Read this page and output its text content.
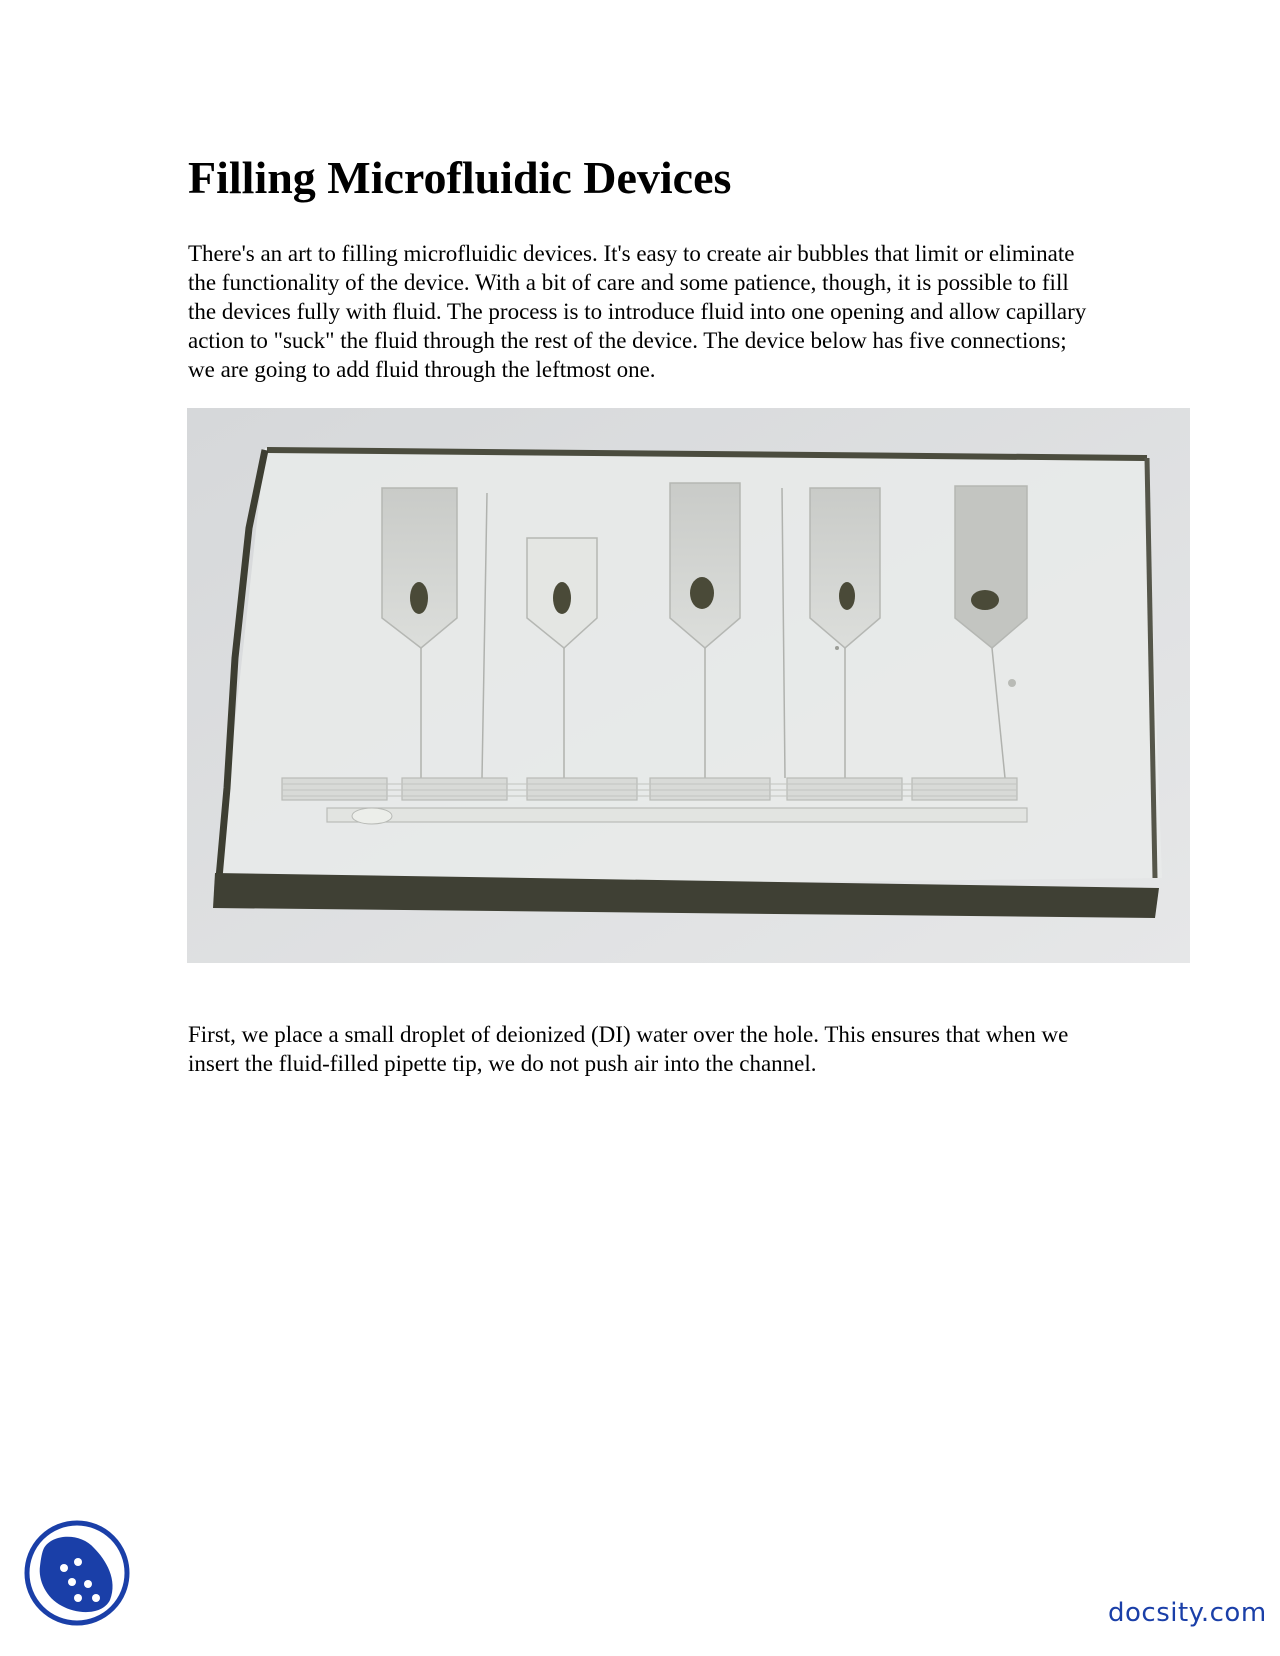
Filling Microfluidic Devices

There's an art to filling microfluidic devices. It's easy to create air bubbles that limit or eliminate the functionality of the device. With a bit of care and some patience, though, it is possible to fill the devices fully with fluid. The process is to introduce fluid into one opening and allow capillary action to "suck" the fluid through the rest of the device. The device below has five connections; we are going to add fluid through the leftmost one.

First, we place a small droplet of deionized (DI) water over the hole. This ensures that when we insert the fluid-filled pipette tip, we do not push air into the channel.

docsity.com
